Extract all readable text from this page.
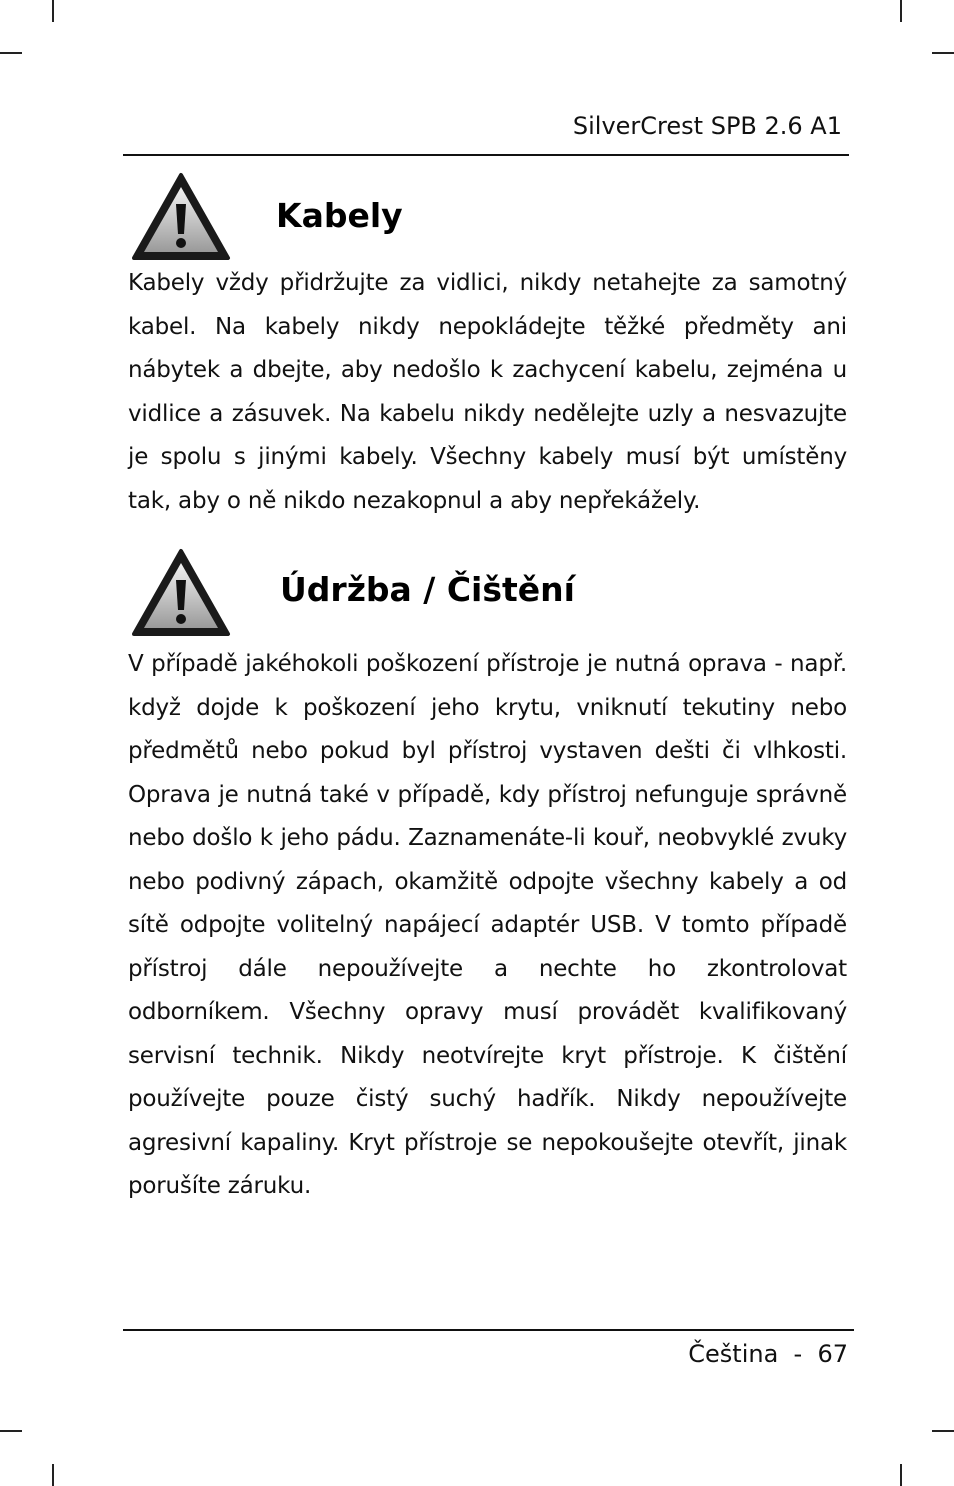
SilverCrest SPB 2.6 A1
Kabely

Kabely vždy přidržujte za vidlici, nikdy netahejte za samotný kabel. Na kabely nikdy nepokládejte těžké předměty ani nábytek a dbejte, aby nedošlo k zachycení kabelu, zejména u vidlice a zásuvek. Na kabelu nikdy nedělejte uzly a nesvazujte je spolu s jinými kabely. Všechny kabely musí být umístěny tak, aby o ně nikdo nezakopnul a aby nepřekážely.

Údržba / Čištění

V případě jakéhokoli poškození přístroje je nutná oprava - např. když dojde k poškození jeho krytu, vniknutí tekutiny nebo předmětů nebo pokud byl přístroj vystaven dešti či vlhkosti. Oprava je nutná také v případě, kdy přístroj nefunguje správně nebo došlo k jeho pádu. Zaznamenáte-li kouř, neobvyklé zvuky nebo podivný zápach, okamžitě odpojte všechny kabely a od sítě odpojte volitelný napájecí adaptér USB. V tomto případě přístroj dále nepoužívejte a nechte ho zkontrolovat odborníkem. Všechny opravy musí provádět kvalifikovaný servisní technik. Nikdy neotvírejte kryt přístroje. K čištění používejte pouze čistý suchý hadřík. Nikdy nepoužívejte agresivní kapaliny. Kryt přístroje se nepokoušejte otevřít, jinak porušíte záruku.

Čeština  -  67
